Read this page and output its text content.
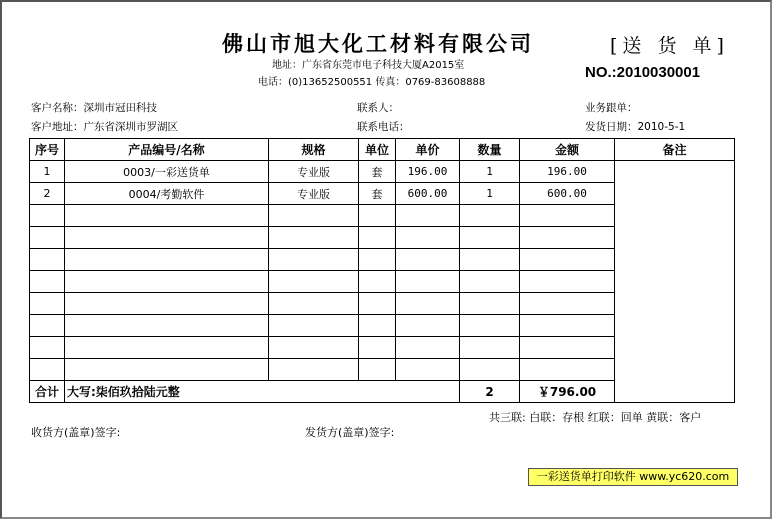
佛山市旭大化工材料有限公司	[送 货 单]
地址：广东省东莞市电子科技大厦A2015室
电话：(0)13652500551 传真：0769-83608888
NO.:2010030001
客户名称：深圳市冠田科技
客户地址：广东省深圳市罗湖区
联系人：
联系电话：
业务跟单：
发货日期：2010-5-1
序号	产品编号/名称	规格	单位	单价	数量	金额	备注
1	0003/一彩送货单	专业版	套	196.00	1	196.00	
2	0004/考勤软件	专业版	套	600.00	1	600.00	

合计	大写:柒佰玖拾陆元整				2	￥796.00	
共三联: 白联：存根 红联：回单 黄联：客户
收货方(盖章)签字:	发货方(盖章)签字:
一彩送货单打印软件 www.yc620.com
